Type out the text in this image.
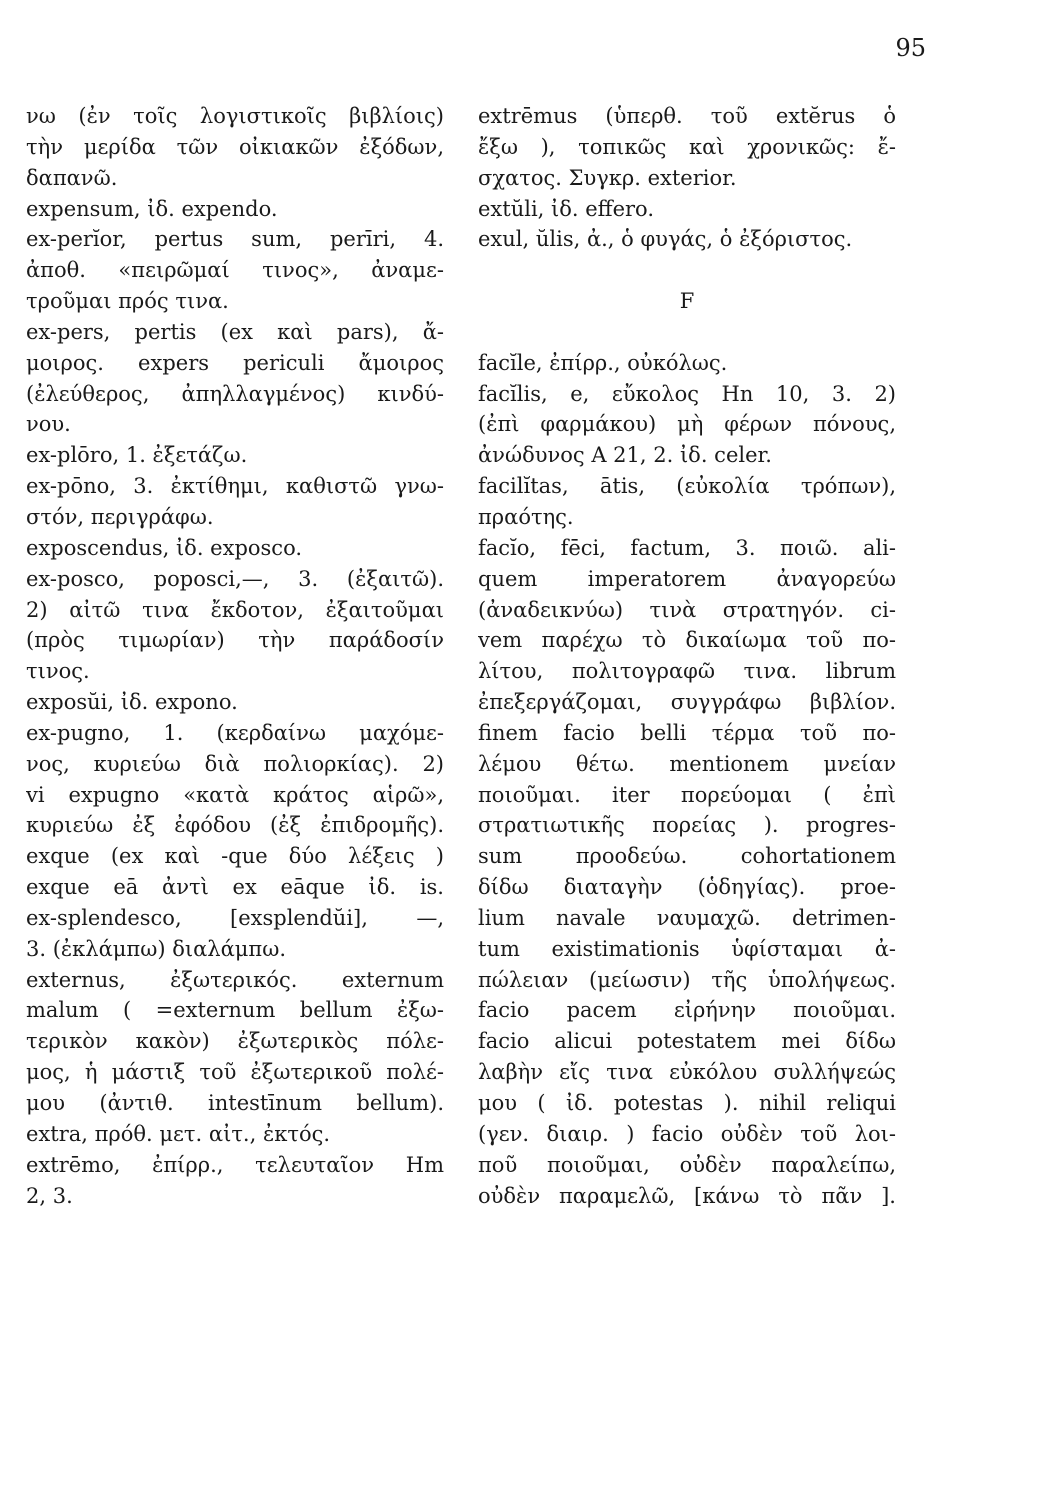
95
νω (ἐν τοῖς λογιστικοῖς βιβλίοις)
τὴν μερίδα τῶν οἰκιακῶν ἐξόδων,
δαπανῶ.
expensum, ἰδ. expendo.
ex-perĭor, pertus sum, perīri, 4.
ἀποθ. «πειρῶμαί τινος», ἀναμε-
τροῦμαι πρός τινα.
ex-pers, pertis (ex καὶ pars), ἄ-
μοιρος. expers periculi ἄμοιρος
(ἐλεύθερος, ἀπηλλαγμένος) κινδύ-
νου.
ex-plōro, 1. ἐξετάζω.
ex-pōno, 3. ἐκτίθημι, καθιστῶ γνω-
στόν, περιγράφω.
exposcendus, ἰδ. exposco.
ex-posco, poposci,—, 3. (ἐξαιτῶ).
2) αἰτῶ τινα ἔκδοτον, ἐξαιτοῦμαι
(πρὸς τιμωρίαν) τὴν παράδοσίν
τινος.
exposŭi, ἰδ. expono.
ex-pugno, 1. (κερδαίνω μαχόμε-
νος, κυριεύω διὰ πολιορκίας). 2)
vi expugno «κατὰ κράτος αἱρῶ»,
κυριεύω ἐξ ἐφόδου (ἐξ ἐπιδρομῆς).
exque (ex καὶ -que δύο λέξεις )
exque eā ἀντὶ ex eāque ἰδ. is.
ex-splendesco, [exsplendŭi], —,
3. (ἐκλάμπω) διαλάμπω.
externus, ἐξωτερικός. externum
malum ( =externum bellum ἐξω-
τερικὸν κακὸν) ἐξωτερικὸς πόλε-
μος, ἡ μάστιξ τοῦ ἐξωτερικοῦ πολέ-
μου (ἀντιθ. intestīnum bellum).
extra, πρόθ. μετ. αἰτ., ἐκτός.
extrēmo, ἐπίρρ., τελευταῖον Hm
2, 3.
extrēmus (ὑπερθ. τοῦ extĕrus ὁ
ἔξω ), τοπικῶς καὶ χρονικῶς: ἔ-
σχατος. Συγκρ. exterior.
extŭli, ἰδ. effero.
exul, ŭlis, ἀ., ὁ φυγάς, ὁ ἐξόριστος.
F
facĭle, ἐπίρρ., οὐκόλως.
facĭlis, e, εὔκολος Hn 10, 3. 2)
(ἐπὶ φαρμάκου) μὴ φέρων πόνους,
ἀνώδυνος A 21, 2. ἰδ. celer.
facilĭtas, ātis, (εὐκολία τρόπων),
πραότης.
facĭo, fēci, factum, 3. ποιῶ. ali-
quem imperatorem ἀναγορεύω
(ἀναδεικνύω) τινὰ στρατηγόν. ci-
vem παρέχω τὸ δικαίωμα τοῦ πο-
λίτου, πολιτογραφῶ τινα. librum
ἐπεξεργάζομαι, συγγράφω βιβλίον.
finem facio belli τέρμα τοῦ πο-
λέμου θέτω. mentionem μνείαν
ποιοῦμαι. iter πορεύομαι ( ἐπὶ
στρατιωτικῆς πορείας ). progres-
sum προοδεύω. cohortationem
δίδω διαταγὴν (ὁδηγίας). proe-
lium navale ναυμαχῶ. detrimen-
tum existimationis ὑφίσταμαι ἀ-
πώλειαν (μείωσιν) τῆς ὑπολήψεως.
facio pacem εἰρήνην ποιοῦμαι.
facio alicui potestatem mei δίδω
λαβὴν εἴς τινα εὐκόλου συλλήψεώς
μου ( ἰδ. potestas ). nihil reliqui
(γεν. διαιρ. ) facio οὐδὲν τοῦ λοι-
ποῦ ποιοῦμαι, οὐδὲν παραλείπω,
οὐδὲν παραμελῶ, [κάνω τὸ πᾶν ].
